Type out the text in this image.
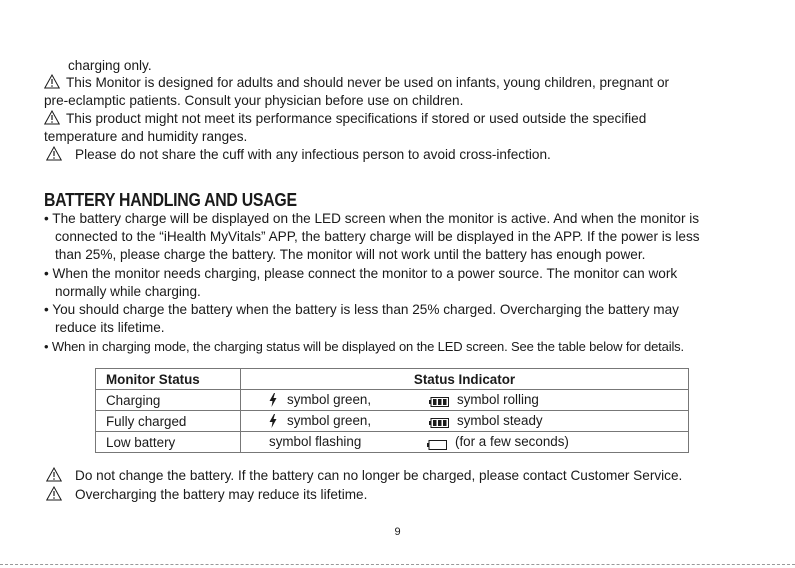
charging only.
This Monitor is designed for adults and should never be used on infants, young children, pregnant or
pre-eclamptic patients. Consult your physician before use on children.
This product might not meet its performance specifications if stored or used outside the specified
temperature and humidity ranges.
Please do not share the cuff with any infectious person to avoid cross-infection.
BATTERY HANDLING AND USAGE
• The battery charge will be displayed on the LED screen when the monitor is active. And when the monitor is
connected to the “iHealth MyVitals” APP, the battery charge will be displayed in the APP. If the power is less
than 25%, please charge the battery. The monitor will not work until the battery has enough power.
• When the monitor needs charging, please connect the monitor to a power source. The monitor can work
normally while charging.
• You should charge the battery when the battery is less than 25% charged. Overcharging the battery may
reduce its lifetime.
• When in charging mode, the charging status will be displayed on the LED screen. See the table below for details.
Monitor Status	Status Indicator
Charging	symbol green, symbol rolling

Fully charged	symbol green, symbol steady

Low battery	symbol flashing (for a few seconds)
Do not change the battery. If the battery can no longer be charged, please contact Customer Service.
Overcharging the battery may reduce its lifetime.
9
